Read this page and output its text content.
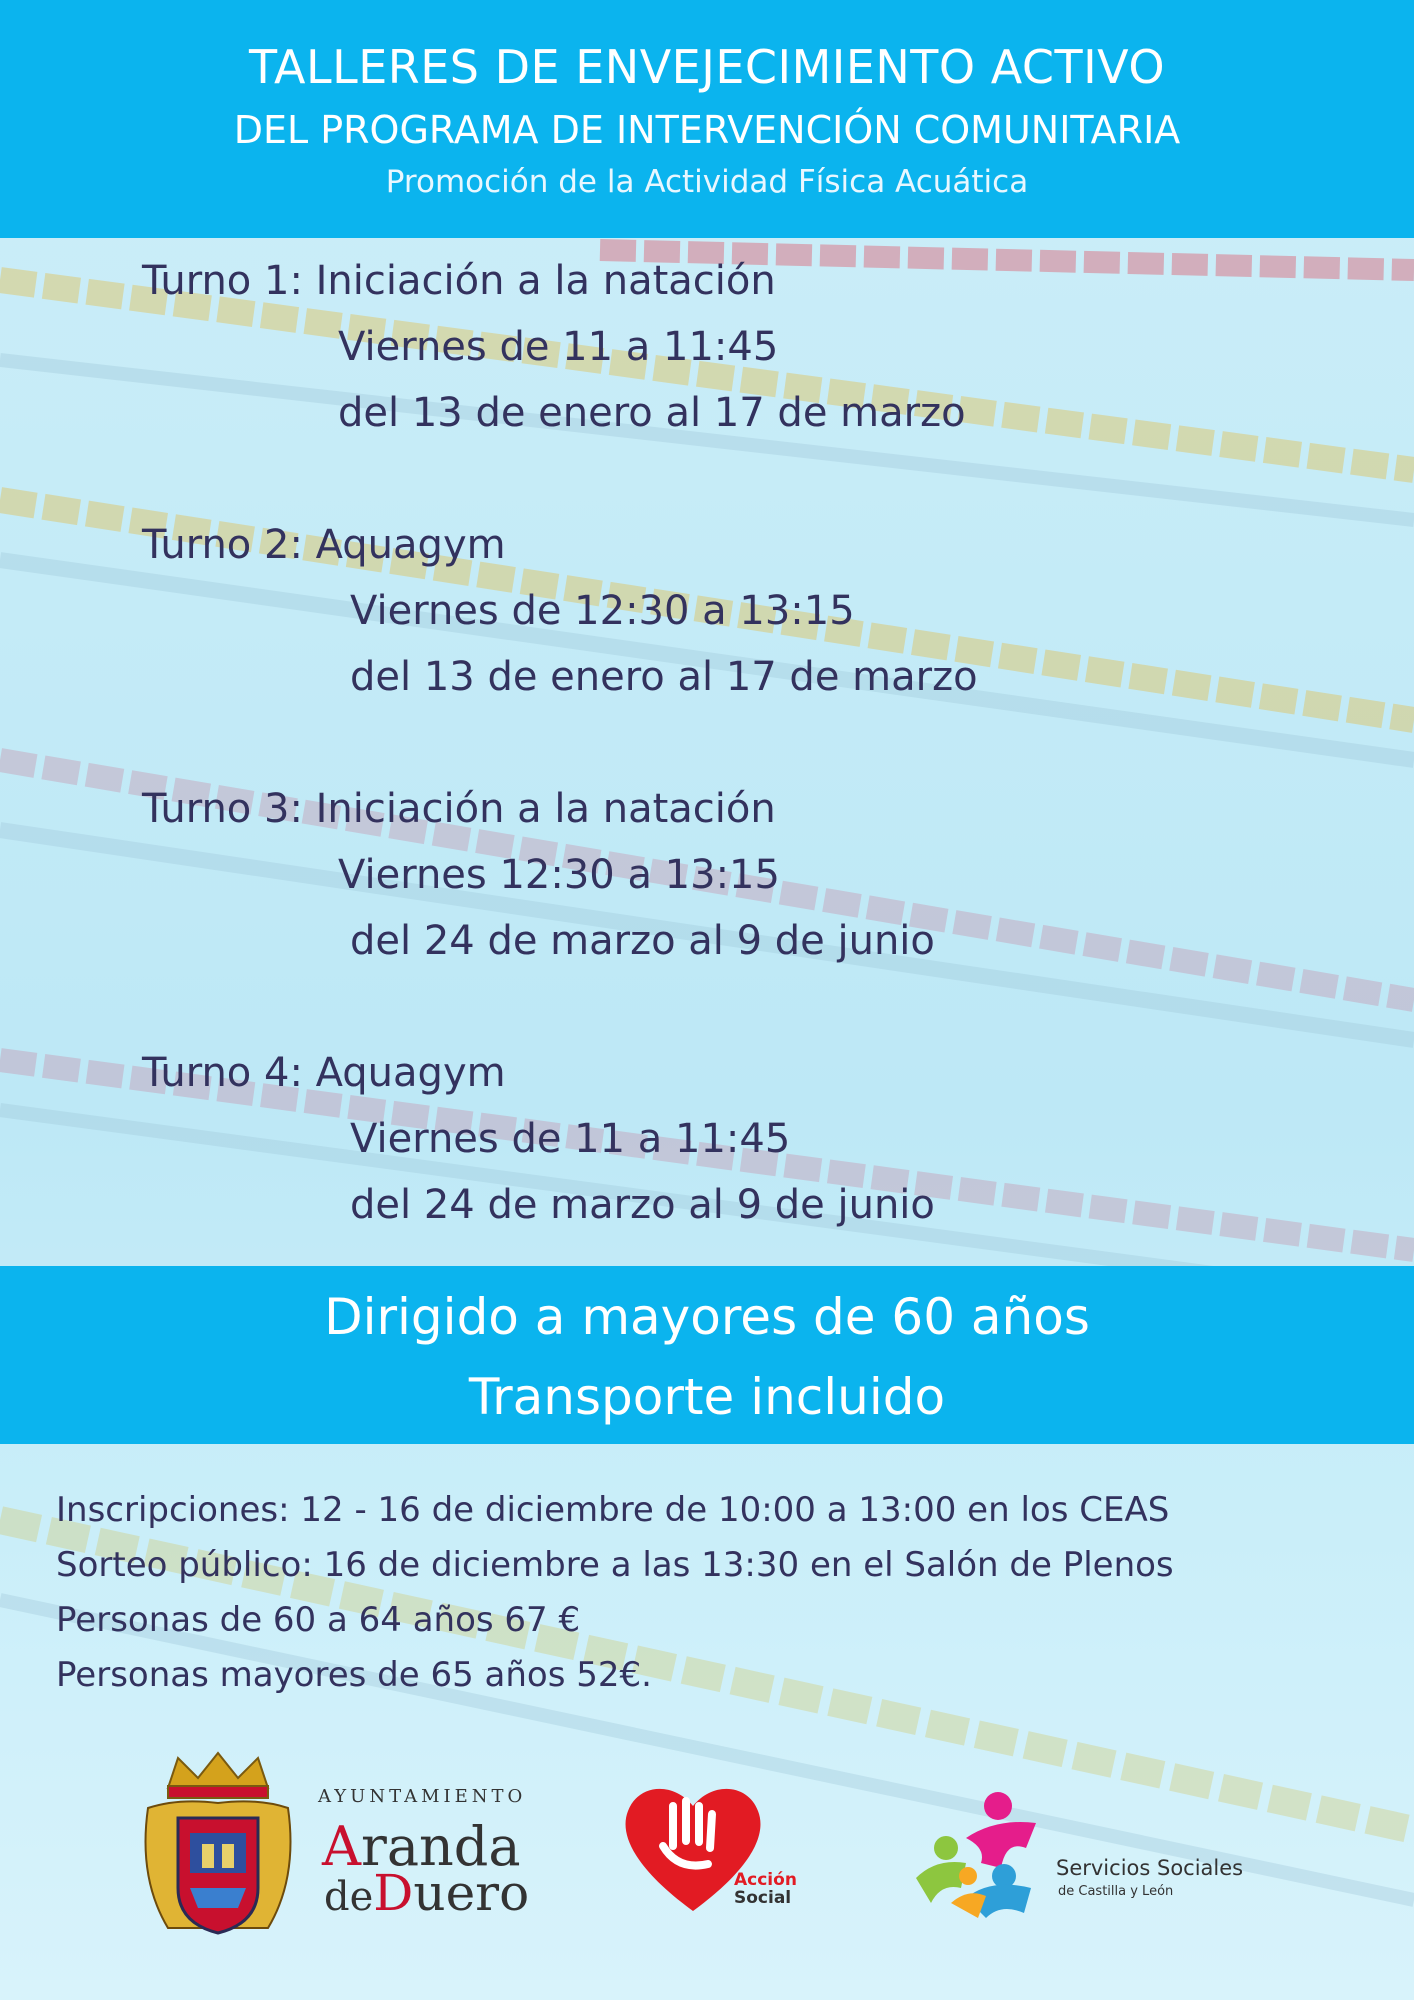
TALLERES DE ENVEJECIMIENTO ACTIVO
DEL PROGRAMA DE INTERVENCIÓN COMUNITARIA
Promoción de la Actividad Física Acuática
Turno 1: Iniciación a la natación
Viernes de 11 a 11:45
del 13 de enero al 17 de marzo
Turno 2: Aquagym
Viernes de 12:30 a 13:15
del 13 de enero al 17 de marzo
Turno 3: Iniciación a la natación
Viernes 12:30 a 13:15
del 24 de marzo al 9 de junio
Turno 4: Aquagym
Viernes de 11 a 11:45
del 24 de marzo al 9 de junio
Dirigido a mayores de 60 años
Transporte incluido
Inscripciones: 12 - 16 de diciembre de 10:00 a 13:00 en los CEAS
Sorteo público: 16 de diciembre a las 13:30 en el Salón de Plenos
Personas de 60 a 64 años 67 €
Personas mayores de 65 años 52€.
AYUNTAMIENTO
Aranda
deDuero	Acción
Social
Servicios Sociales
de Castilla y León
